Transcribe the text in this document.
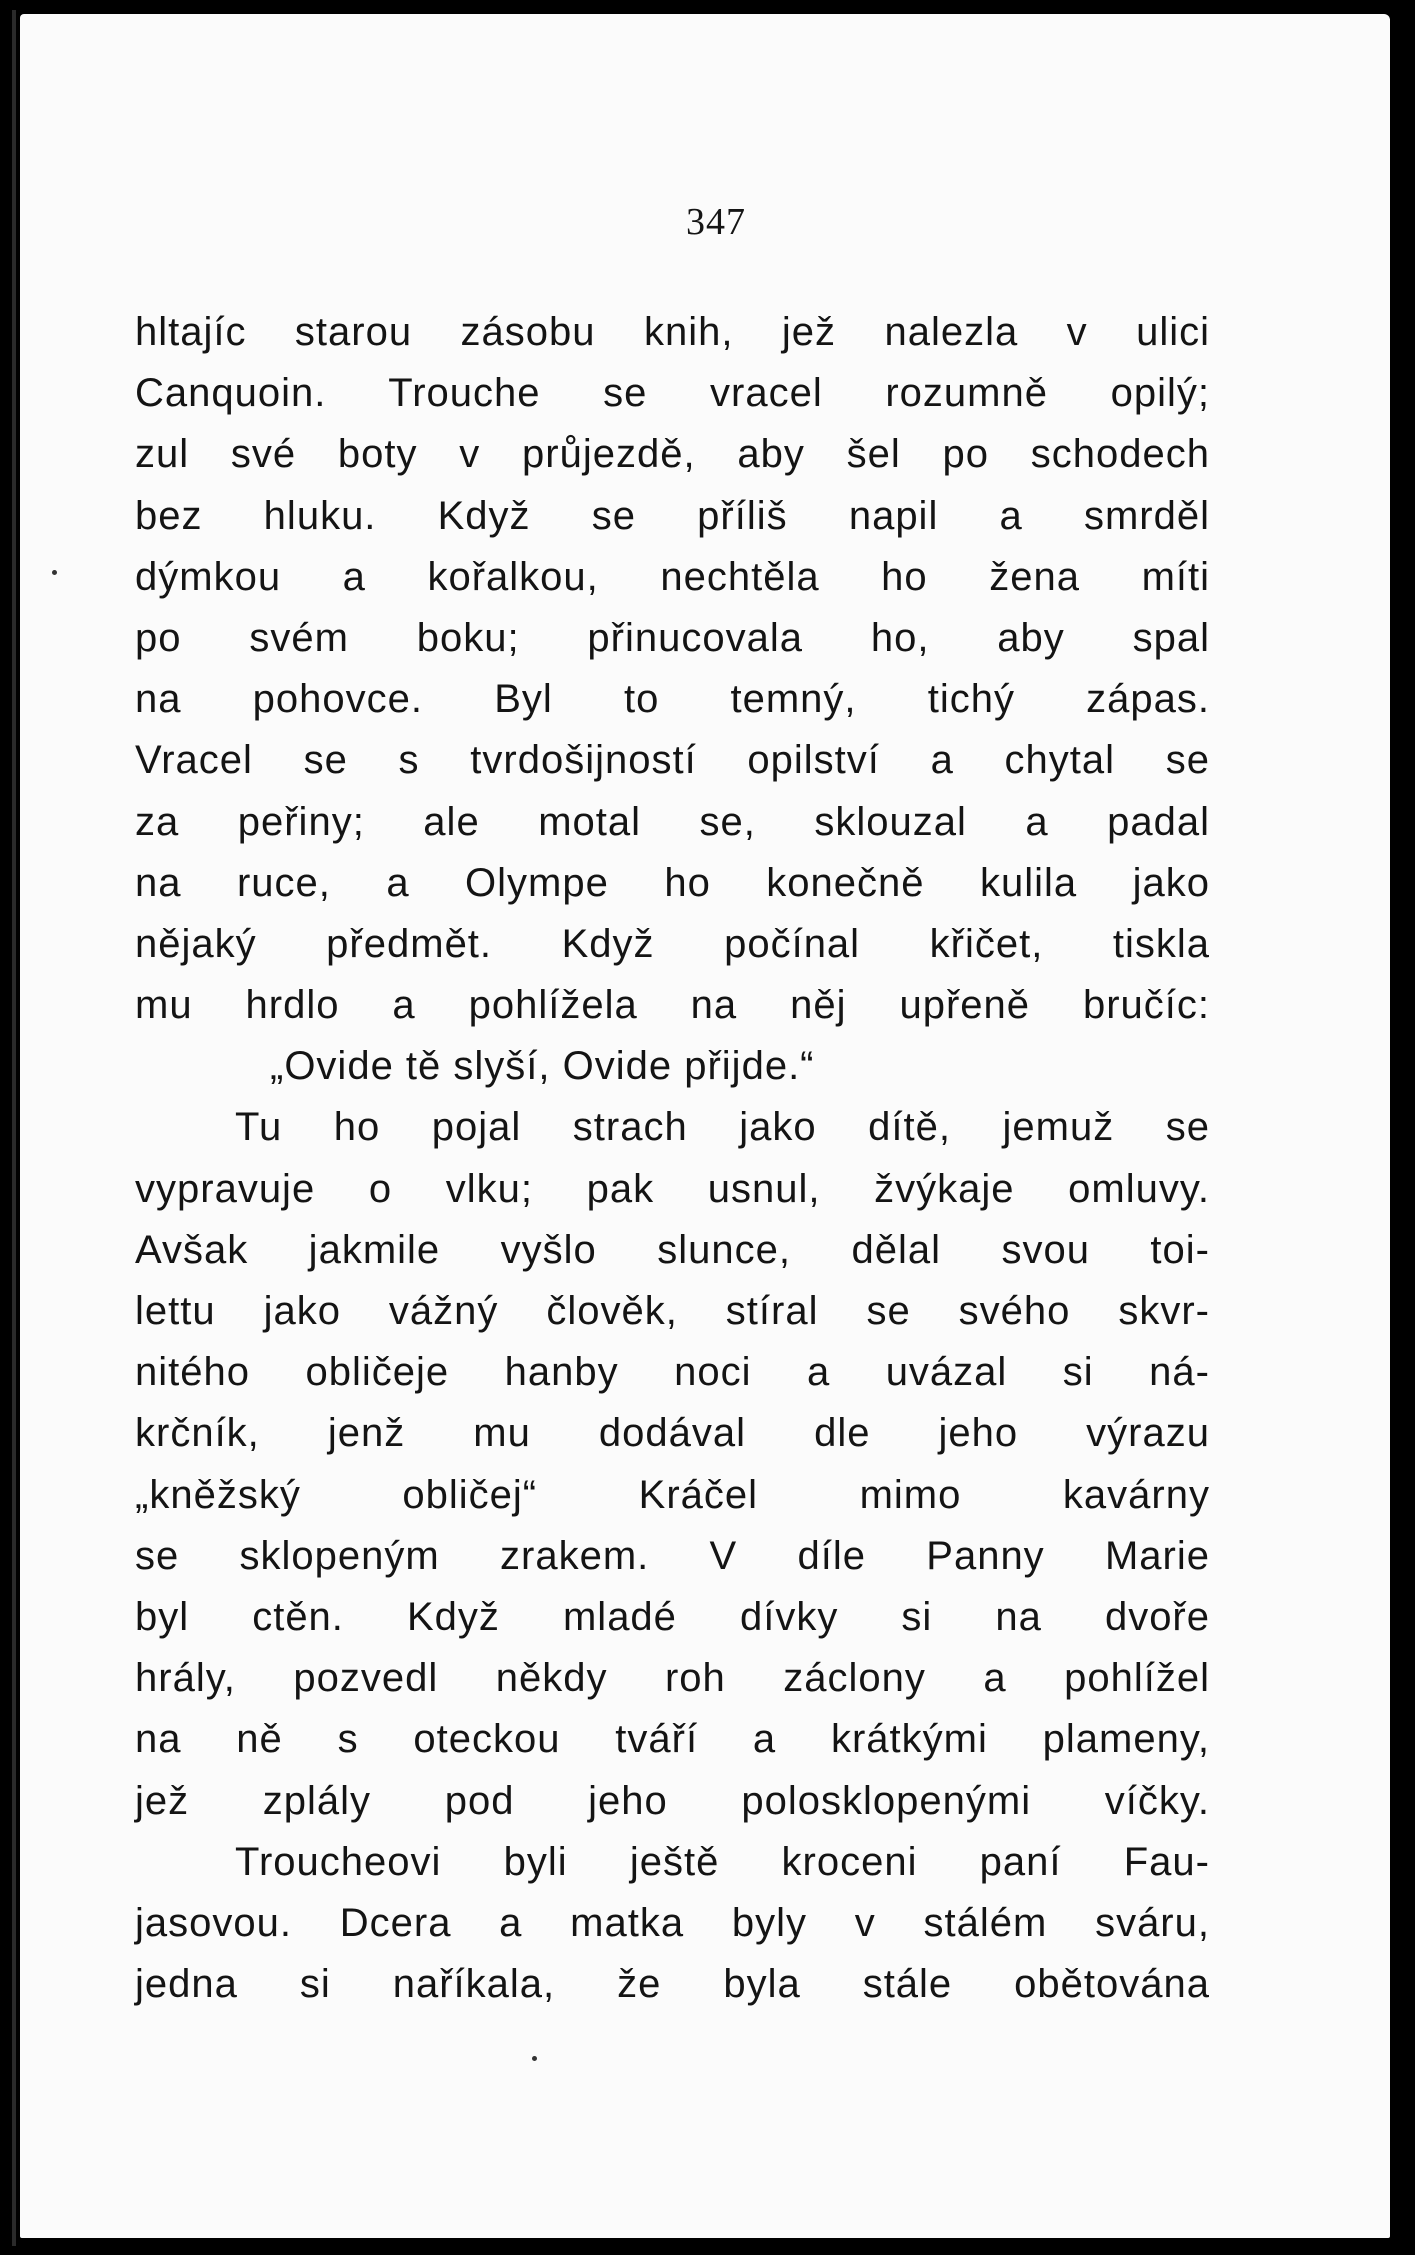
347
hltajíc starou zásobu knih, jež nalezla v ulici
Canquoin. Trouche se vracel rozumně opilý;
zul své boty v průjezdě, aby šel po schodech
bez hluku. Když se příliš napil a smrděl
dýmkou a kořalkou, nechtěla ho žena míti
po svém boku; přinucovala ho, aby spal
na pohovce. Byl to temný, tichý zápas.
Vracel se s tvrdošijností opilství a chytal se
za peřiny; ale motal se, sklouzal a padal
na ruce, a Olympe ho konečně kulila jako
nějaký předmět. Když počínal křičet, tiskla
mu hrdlo a pohlížela na něj upřeně bručíc:
„Ovide tě slyší, Ovide přijde.“
Tu ho pojal strach jako dítě, jemuž se
vypravuje o vlku; pak usnul, žvýkaje omluvy.
Avšak jakmile vyšlo slunce, dělal svou toi-
lettu jako vážný člověk, stíral se svého skvr-
nitého obličeje hanby noci a uvázal si ná-
krčník, jenž mu dodával dle jeho výrazu
„kněžský obličej“ Kráčel mimo kavárny
se sklopeným zrakem. V díle Panny Marie
byl ctěn. Když mladé dívky si na dvoře
hrály, pozvedl někdy roh záclony a pohlížel
na ně s oteckou tváří a krátkými plameny,
jež zplály pod jeho polosklopenými víčky.
Troucheovi byli ještě kroceni paní Fau-
jasovou. Dcera a matka byly v stálém sváru,
jedna si naříkala, že byla stále obětována
